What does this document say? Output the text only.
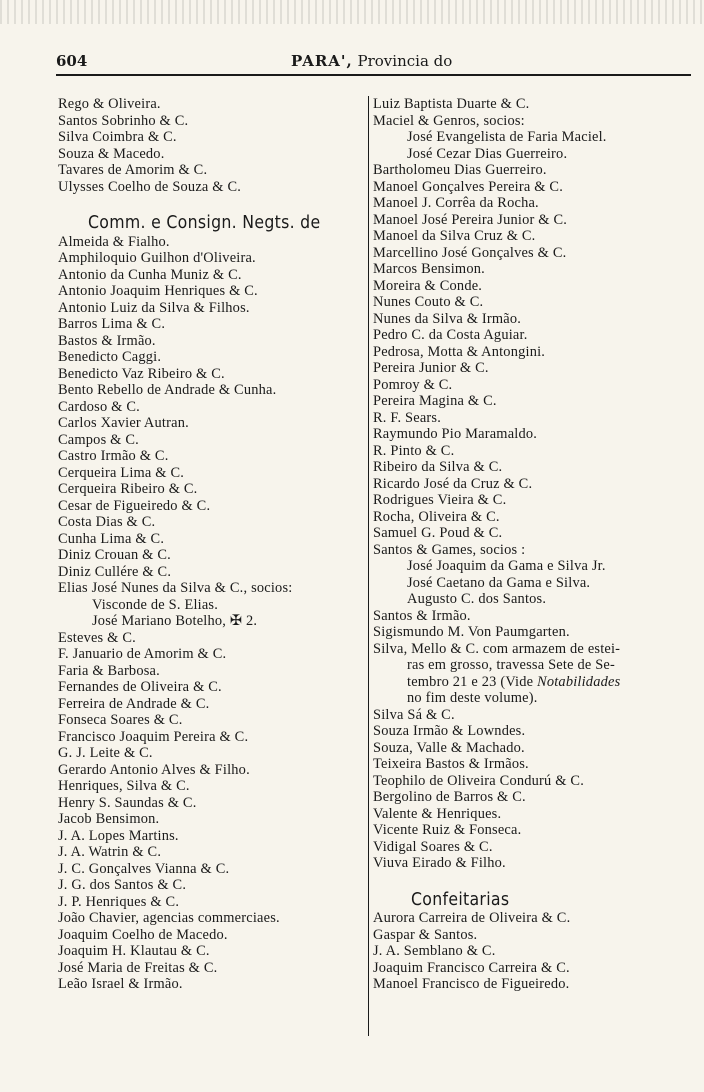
604	PARA', Provincia do
Rego & Oliveira.
Santos Sobrinho & C.
Silva Coimbra & C.
Souza & Macedo.
Tavares de Amorim & C.
Ulysses Coelho de Souza & C.
Comm. e Consign. Negts. de
Almeida & Fialho.
Amphiloquio Guilhon d'Oliveira.
Antonio da Cunha Muniz & C.
Antonio Joaquim Henriques & C.
Antonio Luiz da Silva & Filhos.
Barros Lima & C.
Bastos & Irmão.
Benedicto Caggi.
Benedicto Vaz Ribeiro & C.
Bento Rebello de Andrade & Cunha.
Cardoso & C.
Carlos Xavier Autran.
Campos & C.
Castro Irmão & C.
Cerqueira Lima & C.
Cerqueira Ribeiro & C.
Cesar de Figueiredo & C.
Costa Dias & C.
Cunha Lima & C.
Diniz Crouan & C.
Diniz Cullére & C.
Elias José Nunes da Silva & C., socios:
Visconde de S. Elias.
José Mariano Botelho, ✠ 2.
Esteves & C.
F. Januario de Amorim & C.
Faria & Barbosa.
Fernandes de Oliveira & C.
Ferreira de Andrade & C.
Fonseca Soares & C.
Francisco Joaquim Pereira & C.
G. J. Leite & C.
Gerardo Antonio Alves & Filho.
Henriques, Silva & C.
Henry S. Saundas & C.
Jacob Bensimon.
J. A. Lopes Martins.
J. A. Watrin & C.
J. C. Gonçalves Vianna & C.
J. G. dos Santos & C.
J. P. Henriques & C.
João Chavier, agencias commerciaes.
Joaquim Coelho de Macedo.
Joaquim H. Klautau & C.
José Maria de Freitas & C.
Leão Israel & Irmão.
Luiz Baptista Duarte & C.
Maciel & Genros, socios:
José Evangelista de Faria Maciel.
José Cezar Dias Guerreiro.
Bartholomeu Dias Guerreiro.
Manoel Gonçalves Pereira & C.
Manoel J. Corrêa da Rocha.
Manoel José Pereira Junior & C.
Manoel da Silva Cruz & C.
Marcellino José Gonçalves & C.
Marcos Bensimon.
Moreira & Conde.
Nunes Couto & C.
Nunes da Silva & Irmão.
Pedro C. da Costa Aguiar.
Pedrosa, Motta & Antongini.
Pereira Junior & C.
Pomroy & C.
Pereira Magina & C.
R. F. Sears.
Raymundo Pio Maramaldo.
R. Pinto & C.
Ribeiro da Silva & C.
Ricardo José da Cruz & C.
Rodrigues Vieira & C.
Rocha, Oliveira & C.
Samuel G. Poud & C.
Santos & Games, socios :
José Joaquim da Gama e Silva Jr.
José Caetano da Gama e Silva.
Augusto C. dos Santos.
Santos & Irmão.
Sigismundo M. Von Paumgarten.
Silva, Mello & C. com armazem de estei-
ras em grosso, travessa Sete de Se-
tembro 21 e 23 (Vide Notabilidades
no fim deste volume).
Silva Sá & C.
Souza Irmão & Lowndes.
Souza, Valle & Machado.
Teixeira Bastos & Irmãos.
Teophilo de Oliveira Condurú & C.
Bergolino de Barros & C.
Valente & Henriques.
Vicente Ruiz & Fonseca.
Vidigal Soares & C.
Viuva Eirado & Filho.
Confeitarias
Aurora Carreira de Oliveira & C.
Gaspar & Santos.
J. A. Semblano & C.
Joaquim Francisco Carreira & C.
Manoel Francisco de Figueiredo.
